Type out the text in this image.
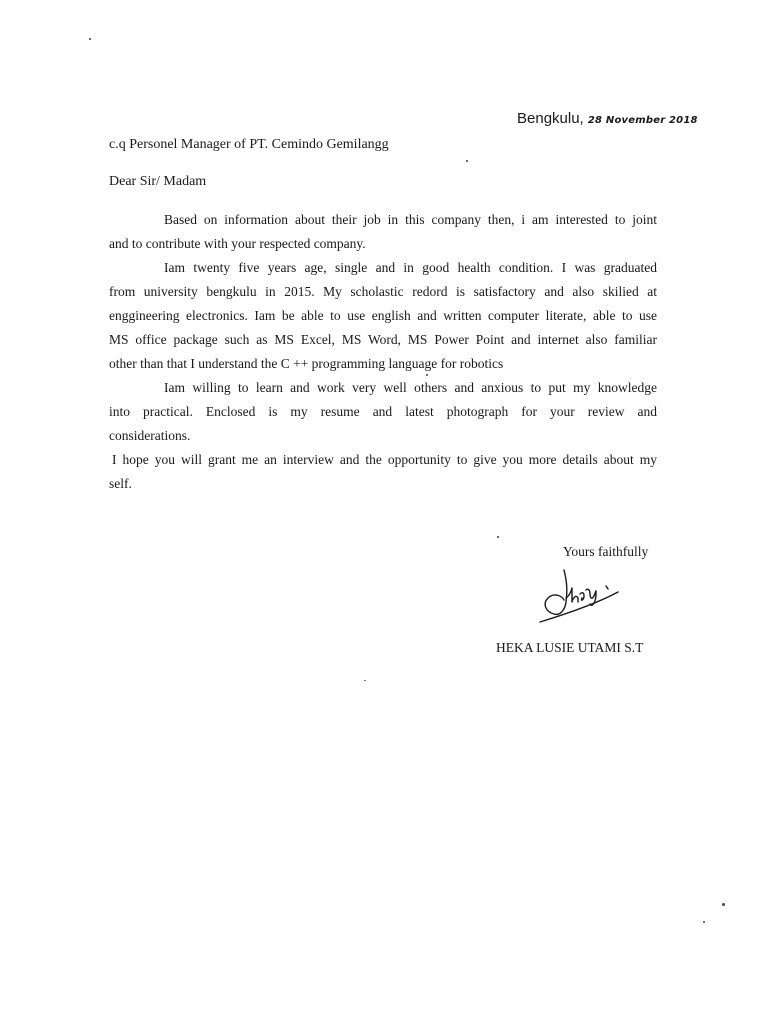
Bengkulu, 28 November 2018
c.q Personel Manager of PT. Cemindo Gemilangg
Dear Sir/ Madam
Based on information about their job in this company then, i am interested to joint
and to contribute with your respected company.
Iam twenty five years age, single and in good health condition. I was graduated
from university bengkulu in 2015. My scholastic redord is satisfactory and also skilied at
enggineering electronics. Iam be able to use english and written computer literate, able to use
MS office package such as MS Excel, MS Word, MS Power Point and internet also familiar
other than that I understand the C ++ programming language for robotics
Iam willing to learn and work very well others and anxious to put my knowledge
into practical. Enclosed is my resume and latest photograph for your review and
considerations.
I hope you will grant me an interview and the opportunity to give you more details about my
self.
Yours faithfully
HEKA LUSIE UTAMI S.T
